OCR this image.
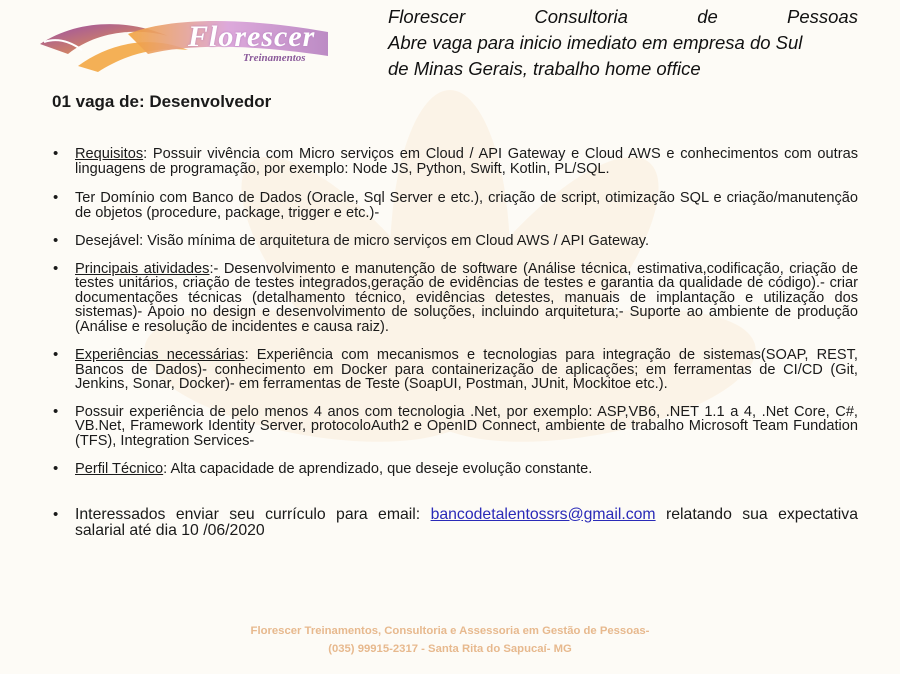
Florescer
Treinamentos
Florescer	Consultoria	de	Pessoas
Abre vaga para inicio imediato em empresa do Sul
de Minas Gerais, trabalho home office
01 vaga de: Desenvolvedor
• Requisitos: Possuir vivência com Micro serviços em Cloud / API Gateway e Cloud AWS e conhecimentos com outras linguagens de programação, por exemplo: Node JS, Python, Swift, Kotlin, PL/SQL.
• Ter Domínio com Banco de Dados (Oracle, Sql Server e etc.), criação de script, otimização SQL e criação/manutenção de objetos (procedure, package, trigger e etc.)-
• Desejável: Visão mínima de arquitetura de micro serviços em Cloud AWS / API Gateway.
• Principais atividades:- Desenvolvimento e manutenção de software (Análise técnica, estimativa,codificação, criação de testes unitários, criação de testes integrados,geração de evidências de testes e garantia da qualidade de código).- criar documentações técnicas (detalhamento técnico, evidências detestes, manuais de implantação e utilização dos sistemas)- Apoio no design e desenvolvimento de soluções, incluindo arquitetura;- Suporte ao ambiente de produção (Análise e resolução de incidentes e causa raiz).
• Experiências necessárias: Experiência com mecanismos e tecnologias para integração de sistemas(SOAP, REST, Bancos de Dados)- conhecimento em Docker para containerização de aplicações; em ferramentas de CI/CD (Git, Jenkins, Sonar, Docker)- em ferramentas de Teste (SoapUI, Postman, JUnit, Mockitoe etc.).
• Possuir experiência de pelo menos 4 anos com tecnologia .Net, por exemplo: ASP,VB6, .NET 1.1 a 4, .Net Core, C#, VB.Net, Framework Identity Server, protocoloAuth2 e OpenID Connect, ambiente de trabalho Microsoft Team Fundation (TFS), Integration Services-
• Perfil Técnico: Alta capacidade de aprendizado, que deseje evolução constante.
• Interessados enviar seu currículo para email: bancodetalentossrs@gmail.com relatando sua expectativa salarial até dia 10 /06/2020
Florescer Treinamentos, Consultoria e Assessoria em Gestão de Pessoas-
(035) 99915-2317 - Santa Rita do Sapucaí- MG
